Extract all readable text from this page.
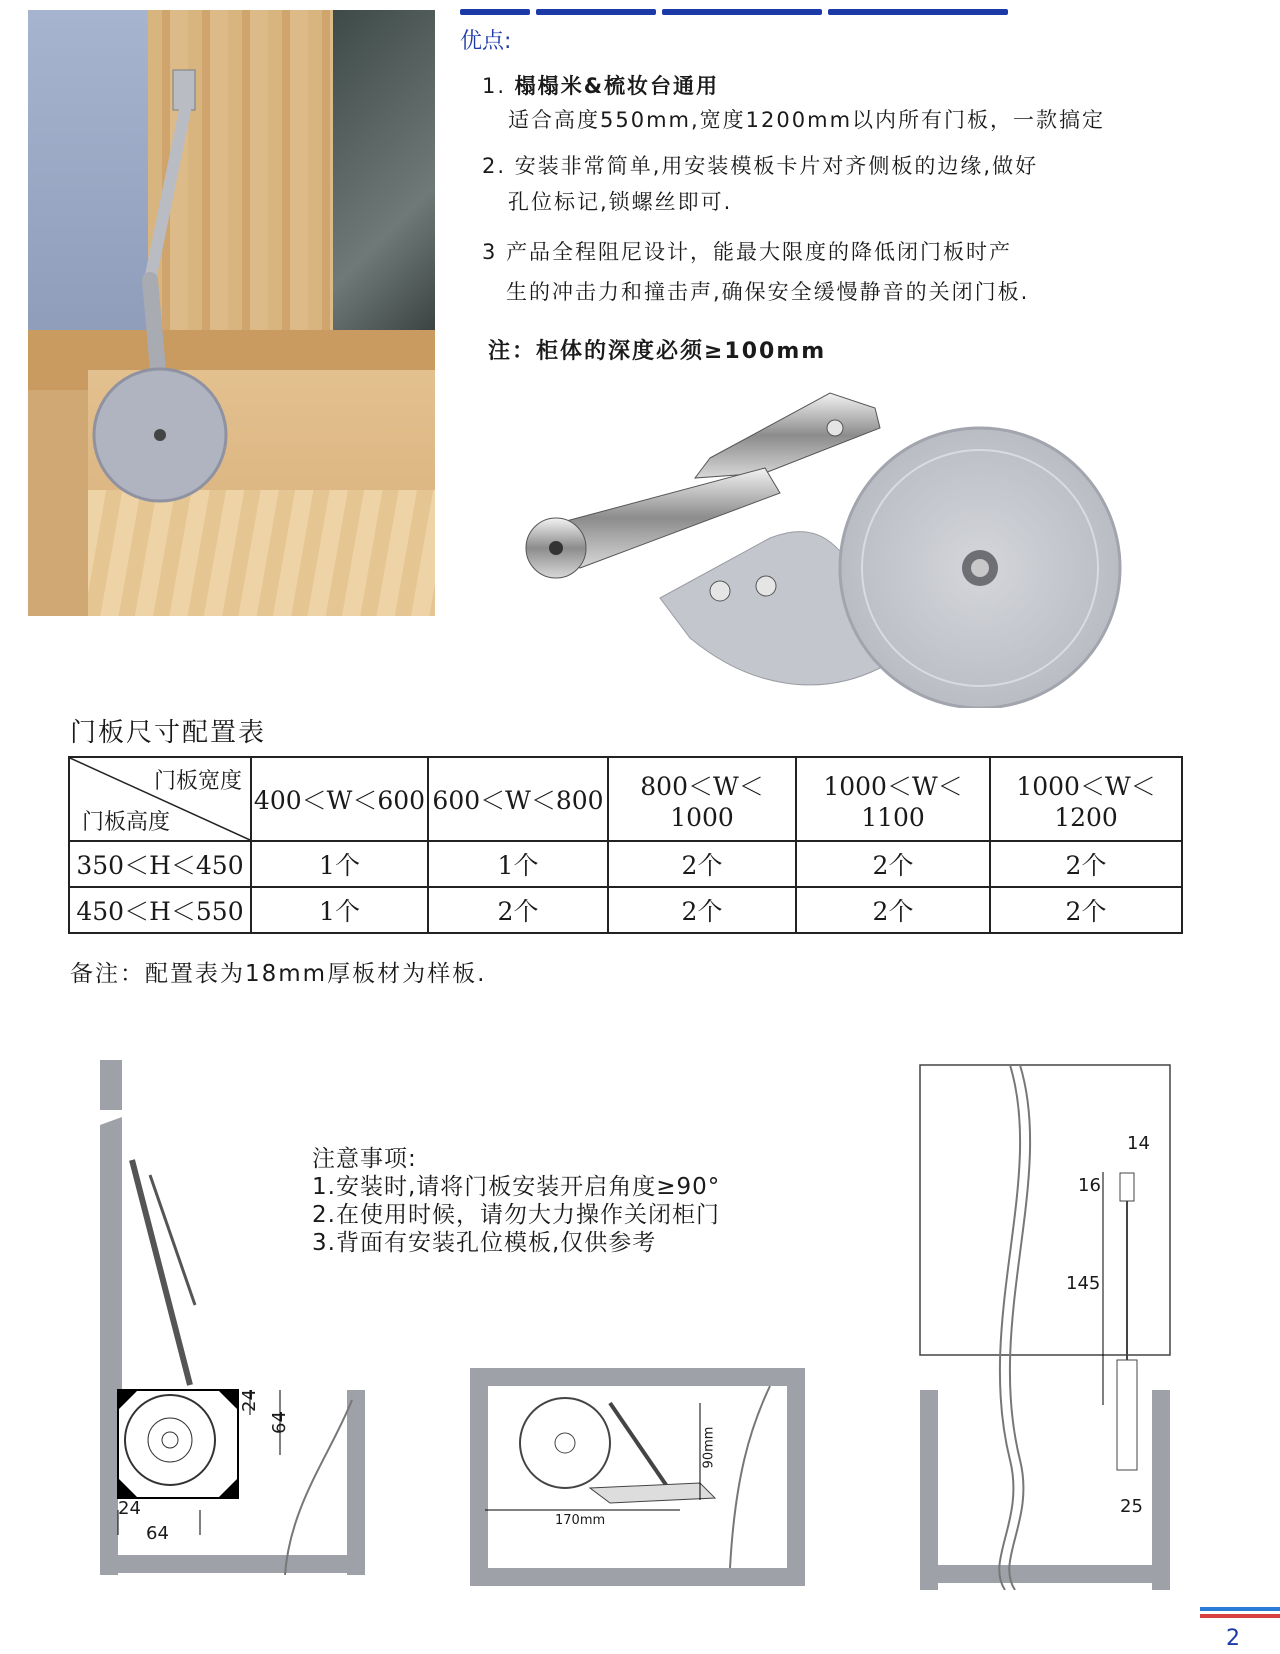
优点:
1. 榻榻米&梳妆台通用
适合高度550mm,宽度1200mm以内所有门板，一款搞定
2. 安装非常简单,用安装模板卡片对齐侧板的边缘,做好
孔位标记,锁螺丝即可.
3 产品全程阻尼设计，能最大限度的降低闭门板时产
生的冲击力和撞击声,确保安全缓慢静音的关闭门板.
注：柜体的深度必须≥100mm
门板尺寸配置表
门板宽度
门板高度	400＜W＜600	600＜W＜800	800＜W＜1000	1000＜W＜1100	1000＜W＜1200
350＜H＜450	1个	1个	2个	2个	2个
450＜H＜550	1个	2个	2个	2个	2个
备注：配置表为18mm厚板材为样板.
24
64
24
64
注意事项:
1.安装时,请将门板安装开启角度≥90°
2.在使用时候，请勿大力操作关闭柜门
3.背面有安装孔位模板,仅供参考
90mm
170mm
14
16
145
25
2
